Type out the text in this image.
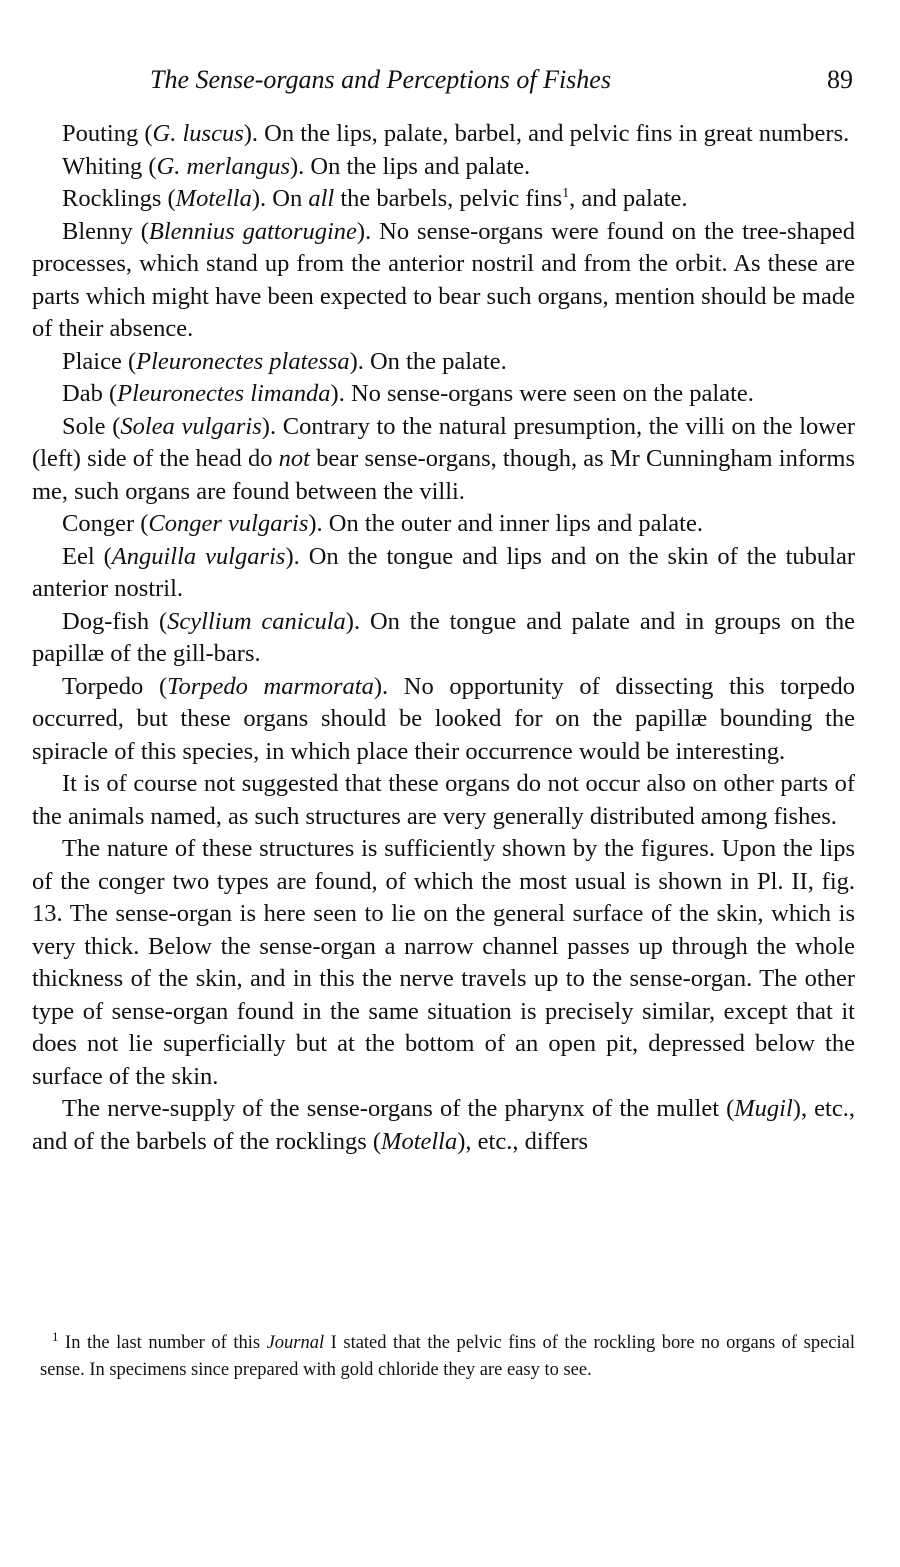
The Sense-organs and Perceptions of Fishes	89

Pouting (G. luscus). On the lips, palate, barbel, and pelvic fins in great numbers.

Whiting (G. merlangus). On the lips and palate.

Rocklings (Motella). On all the barbels, pelvic fins$^1$, and palate.

Blenny (Blennius gattorugine). No sense-organs were found on the tree-shaped processes, which stand up from the anterior nostril and from the orbit. As these are parts which might have been expected to bear such organs, mention should be made of their absence.

Plaice (Pleuronectes platessa). On the palate.

Dab (Pleuronectes limanda). No sense-organs were seen on the palate.

Sole (Solea vulgaris). Contrary to the natural presumption, the villi on the lower (left) side of the head do not bear sense-organs, though, as Mr Cunningham informs me, such organs are found between the villi.

Conger (Conger vulgaris). On the outer and inner lips and palate.

Eel (Anguilla vulgaris). On the tongue and lips and on the skin of the tubular anterior nostril.

Dog-fish (Scyllium canicula). On the tongue and palate and in groups on the papillæ of the gill-bars.

Torpedo (Torpedo marmorata). No opportunity of dissecting this torpedo occurred, but these organs should be looked for on the papillæ bounding the spiracle of this species, in which place their occurrence would be interesting.

It is of course not suggested that these organs do not occur also on other parts of the animals named, as such structures are very generally distributed among fishes.

The nature of these structures is sufficiently shown by the figures. Upon the lips of the conger two types are found, of which the most usual is shown in Pl. II, fig. 13. The sense-organ is here seen to lie on the general surface of the skin, which is very thick. Below the sense-organ a narrow channel passes up through the whole thickness of the skin, and in this the nerve travels up to the sense-organ. The other type of sense-organ found in the same situation is precisely similar, except that it does not lie superficially but at the bottom of an open pit, depressed below the surface of the skin.

The nerve-supply of the sense-organs of the pharynx of the mullet (Mugil), etc., and of the barbels of the rocklings (Motella), etc., differs

$^1$ In the last number of this Journal I stated that the pelvic fins of the rockling bore no organs of special sense. In specimens since prepared with gold chloride they are easy to see.
